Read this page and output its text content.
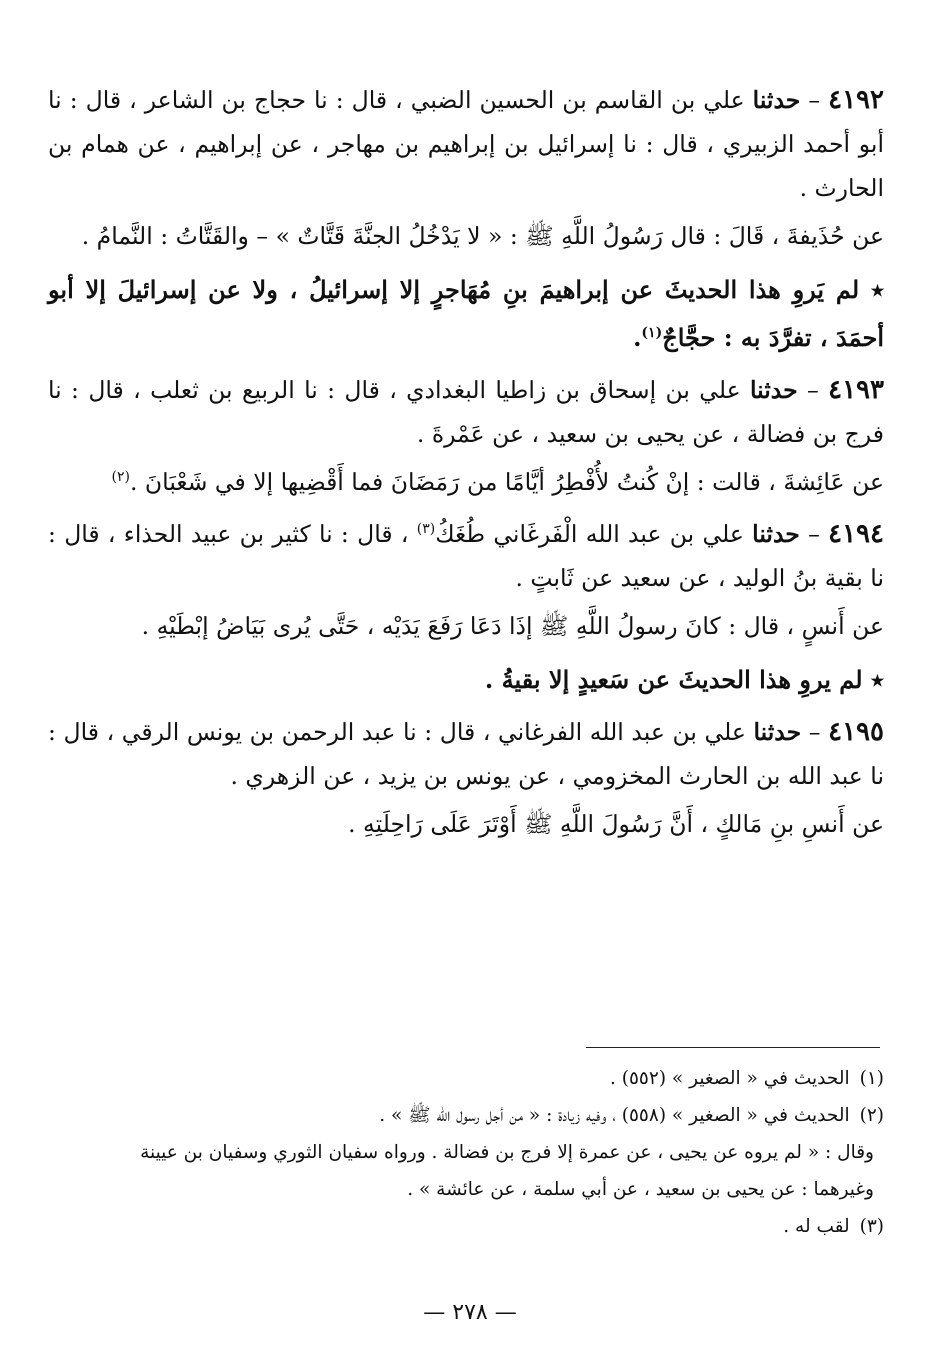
٤١٩٢ – حدثنا علي بن القاسم بن الحسين الضبي ، قال : نا حجاج بن الشاعر ، قال : نا أبو أحمد الزبيري ، قال : نا إسرائيل بن إبراهيم بن مهاجر ، عن إبراهيم ، عن همام بن الحارث .

عن حُذَيفةَ ، قَالَ : قال رَسُولُ اللَّهِ ﷺ : « لا يَدْخُلُ الجنَّةَ قَتَّاتٌ » – والقَتَّاتُ : النَّمامُ .

٭ لم يَروِ هذا الحديثَ عن إبراهيمَ بنِ مُهَاجرٍ إلا إسرائيلُ ، ولا عن إسرائيلَ إلا أبو أحمَدَ ، تفرَّدَ به : حجَّاجٌ$^{(١)}$.

٤١٩٣ – حدثنا علي بن إسحاق بن زاطيا البغدادي ، قال : نا الربيع بن ثعلب ، قال : نا فرج بن فضالة ، عن يحيى بن سعيد ، عن عَمْرةَ .

عن عَائِشةَ ، قالت : إنْ كُنتُ لأُفْطِرُ أيَّامًا من رَمَضَانَ فما أَقْضِيها إلا في شَعْبَانَ .$^{(٢)}$

٤١٩٤ – حدثنا علي بن عبد الله الْفَرغَاني طُغَكُ$^{(٣)}$ ، قال : نا كثير بن عبيد الحذاء ، قال : نا بقية بنُ الوليد ، عن سعيد عن ثَابتٍ .

عن أَنسٍ ، قال : كانَ رسولُ اللَّهِ ﷺ إذَا دَعَا رَفَعَ يَدَيْه ، حَتَّى يُرى بَيَاضُ إبْطَيْهِ .

٭ لم يروِ هذا الحديثَ عن سَعيدٍ إلا بقيةُ .

٤١٩٥ – حدثنا علي بن عبد الله الفرغاني ، قال : نا عبد الرحمن بن يونس الرقي ، قال : نا عبد الله بن الحارث المخزومي ، عن يونس بن يزيد ، عن الزهري .

عن أَنسِ بنِ مَالكٍ ، أَنَّ رَسُولَ اللَّهِ ﷺ أَوْتَرَ عَلَى رَاحِلَتِهِ .

(١)الحديث في « الصغير » (٥٥٢) .

(٢)الحديث في « الصغير » (٥٥٨) ، وفيه زيادة : « من أجل رسول الله ﷺ » .

وقال : « لم يروه عن يحيى ، عن عمرة إلا فرج بن فضالة . ورواه سفيان الثوري وسفيان بن عيينة وغيرهما : عن يحيى بن سعيد ، عن أبي سلمة ، عن عائشة » .

(٣)لقب له .

— ٢٧٨ —
